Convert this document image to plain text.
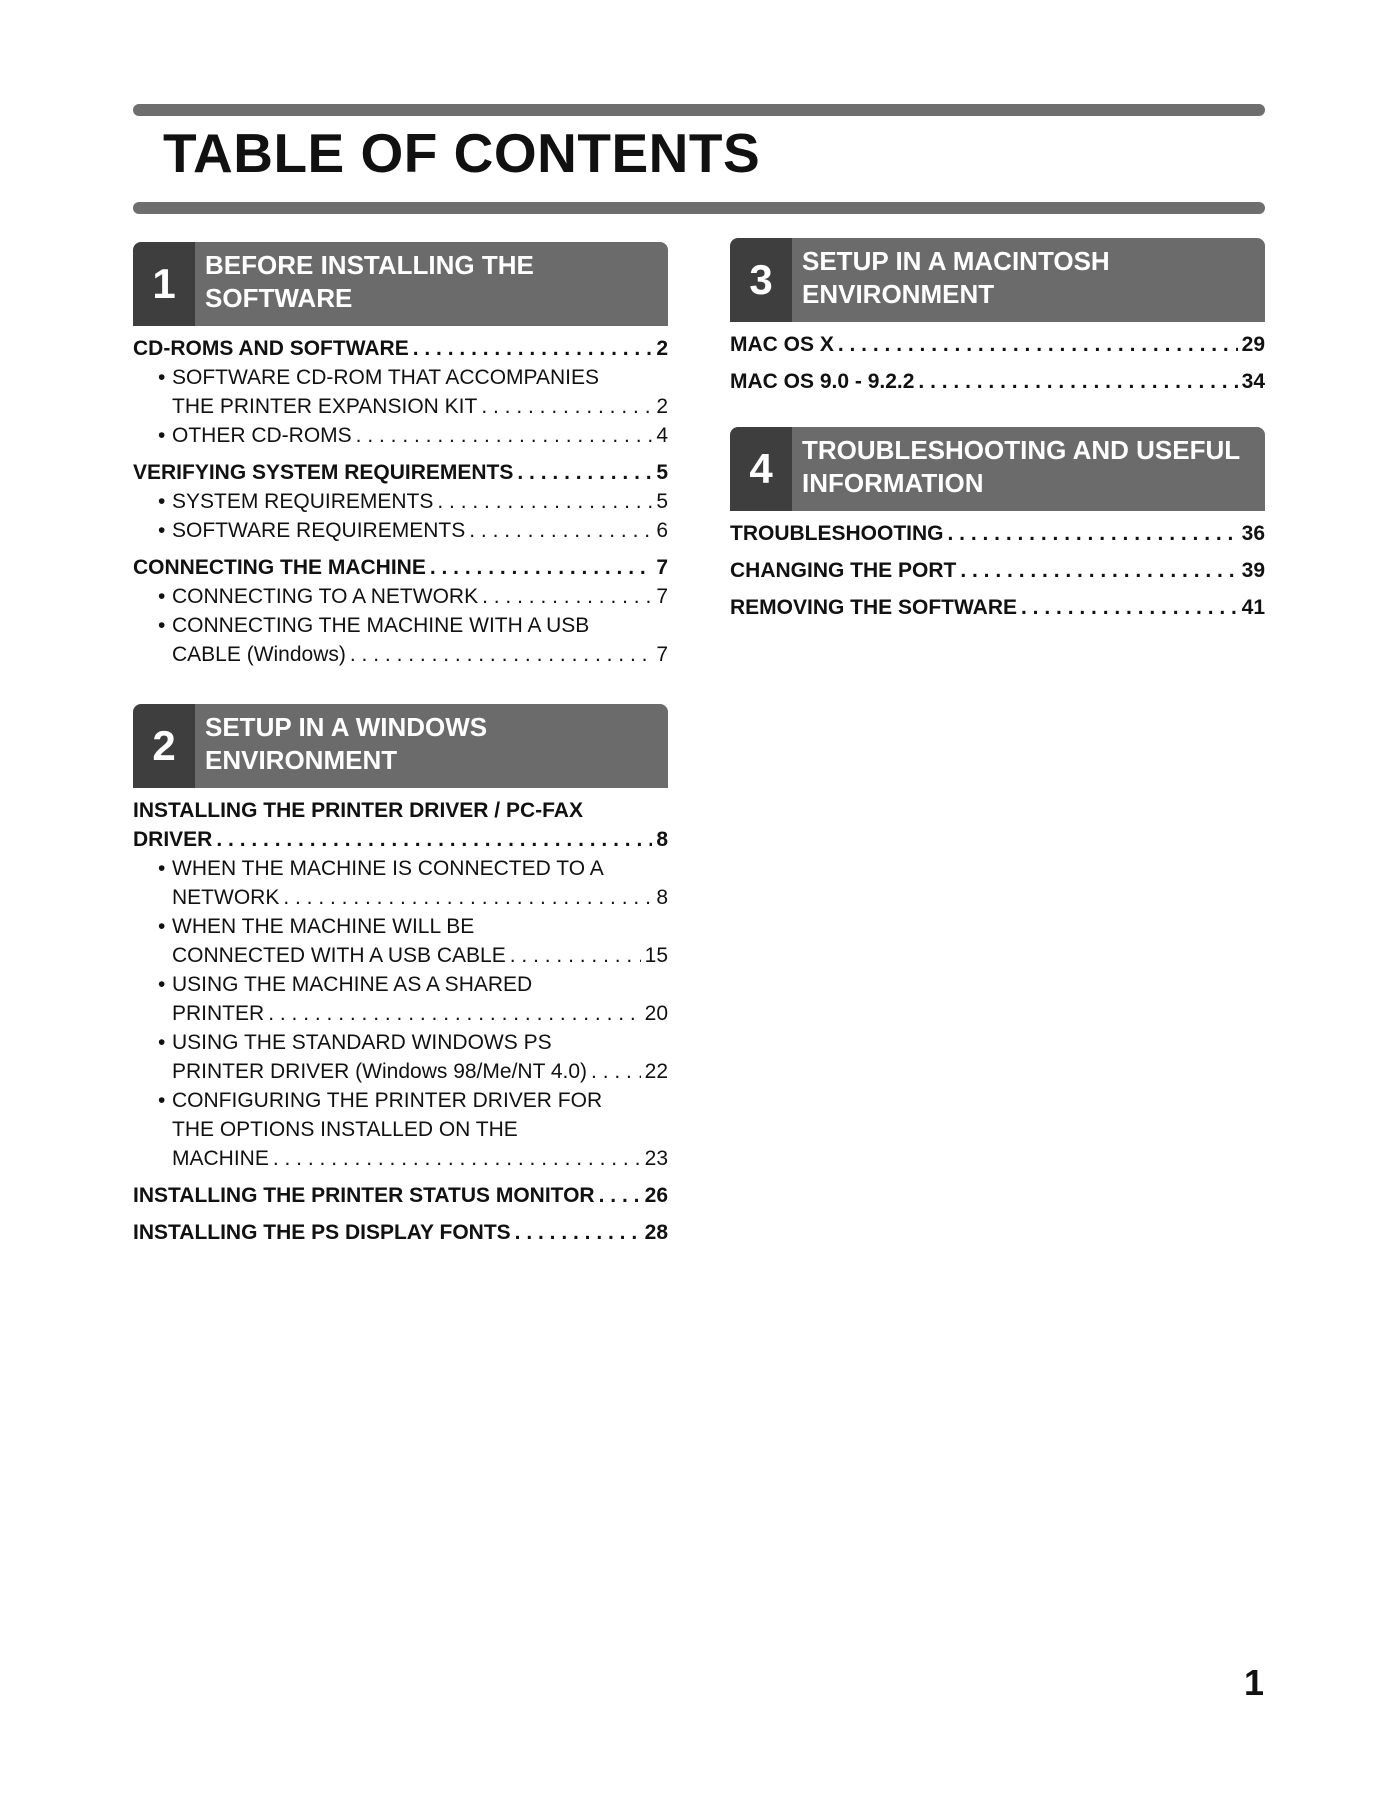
TABLE OF CONTENTS
1	BEFORE INSTALLING THE
SOFTWARE
CD-ROMS AND SOFTWARE . . .	2
• SOFTWARE CD-ROM THAT ACCOMPANIES
THE PRINTER EXPANSION KIT . . .	2
• OTHER CD-ROMS . . .	4
VERIFYING SYSTEM REQUIREMENTS . . .	5
• SYSTEM REQUIREMENTS . . .	5
• SOFTWARE REQUIREMENTS . . .	6
CONNECTING THE MACHINE . . .	7
• CONNECTING TO A NETWORK . . .	7
• CONNECTING THE MACHINE WITH A USB
CABLE (Windows) . . .	7
2	SETUP IN A WINDOWS
ENVIRONMENT
INSTALLING THE PRINTER DRIVER / PC-FAX
DRIVER . . .	8
• WHEN THE MACHINE IS CONNECTED TO A
NETWORK . . .	8
• WHEN THE MACHINE WILL BE
CONNECTED WITH A USB CABLE . . .	15
• USING THE MACHINE AS A SHARED
PRINTER . . .	20
• USING THE STANDARD WINDOWS PS
PRINTER DRIVER (Windows 98/Me/NT 4.0) . . .	22
• CONFIGURING THE PRINTER DRIVER FOR
THE OPTIONS INSTALLED ON THE
MACHINE . . .	23
INSTALLING THE PRINTER STATUS MONITOR . . . 26
INSTALLING THE PS DISPLAY FONTS . . .	28
3	SETUP IN A MACINTOSH
ENVIRONMENT
MAC OS X . . .	29
MAC OS 9.0 - 9.2.2 . . .	34
4	TROUBLESHOOTING AND USEFUL
INFORMATION
TROUBLESHOOTING . . .	36
CHANGING THE PORT . . .	39
REMOVING THE SOFTWARE . . .	41
1
